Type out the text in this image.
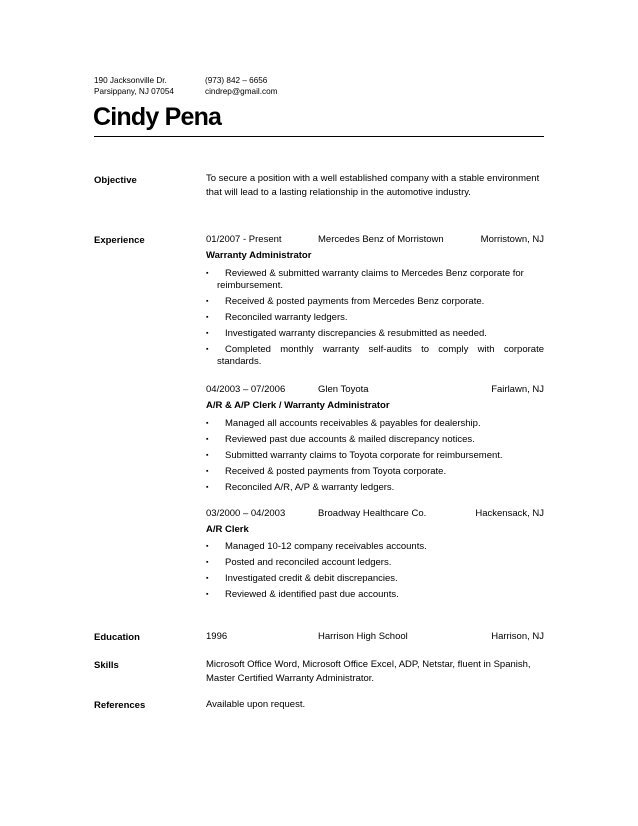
190 Jacksonville Dr.
Parsippany, NJ 07054
(973) 842 – 6656
cindrep@gmail.com
Cindy Pena
Objective	To secure a position with a well established company with a stable environment that will lead to a lasting relationship in the automotive industry.
Experience	01/2007 - Present	Mercedes Benz of Morristown	Morristown, NJ
Warranty Administrator
▪	Reviewed & submitted warranty claims to Mercedes Benz corporate for reimbursement.
▪ Received & posted payments from Mercedes Benz corporate.
▪ Reconciled warranty ledgers.
▪ Investigated warranty discrepancies & resubmitted as needed.
▪	Completed monthly warranty self-audits to comply with corporate standards.
04/2003 – 07/2006	Glen Toyota	Fairlawn, NJ
A/R & A/P Clerk / Warranty Administrator
▪ Managed all accounts receivables & payables for dealership.
▪ Reviewed past due accounts & mailed discrepancy notices.
▪ Submitted warranty claims to Toyota corporate for reimbursement.
▪ Received & posted payments from Toyota corporate.
▪ Reconciled A/R, A/P & warranty ledgers.
03/2000 – 04/2003	Broadway Healthcare Co.	Hackensack, NJ
A/R Clerk
▪ Managed 10-12 company receivables accounts.
▪ Posted and reconciled account ledgers.
▪ Investigated credit & debit discrepancies.
▪ Reviewed & identified past due accounts.
Education	1996	Harrison High School	Harrison, NJ
Skills	Microsoft Office Word, Microsoft Office Excel, ADP, Netstar, fluent in Spanish, Master Certified Warranty Administrator.
References	Available upon request.
